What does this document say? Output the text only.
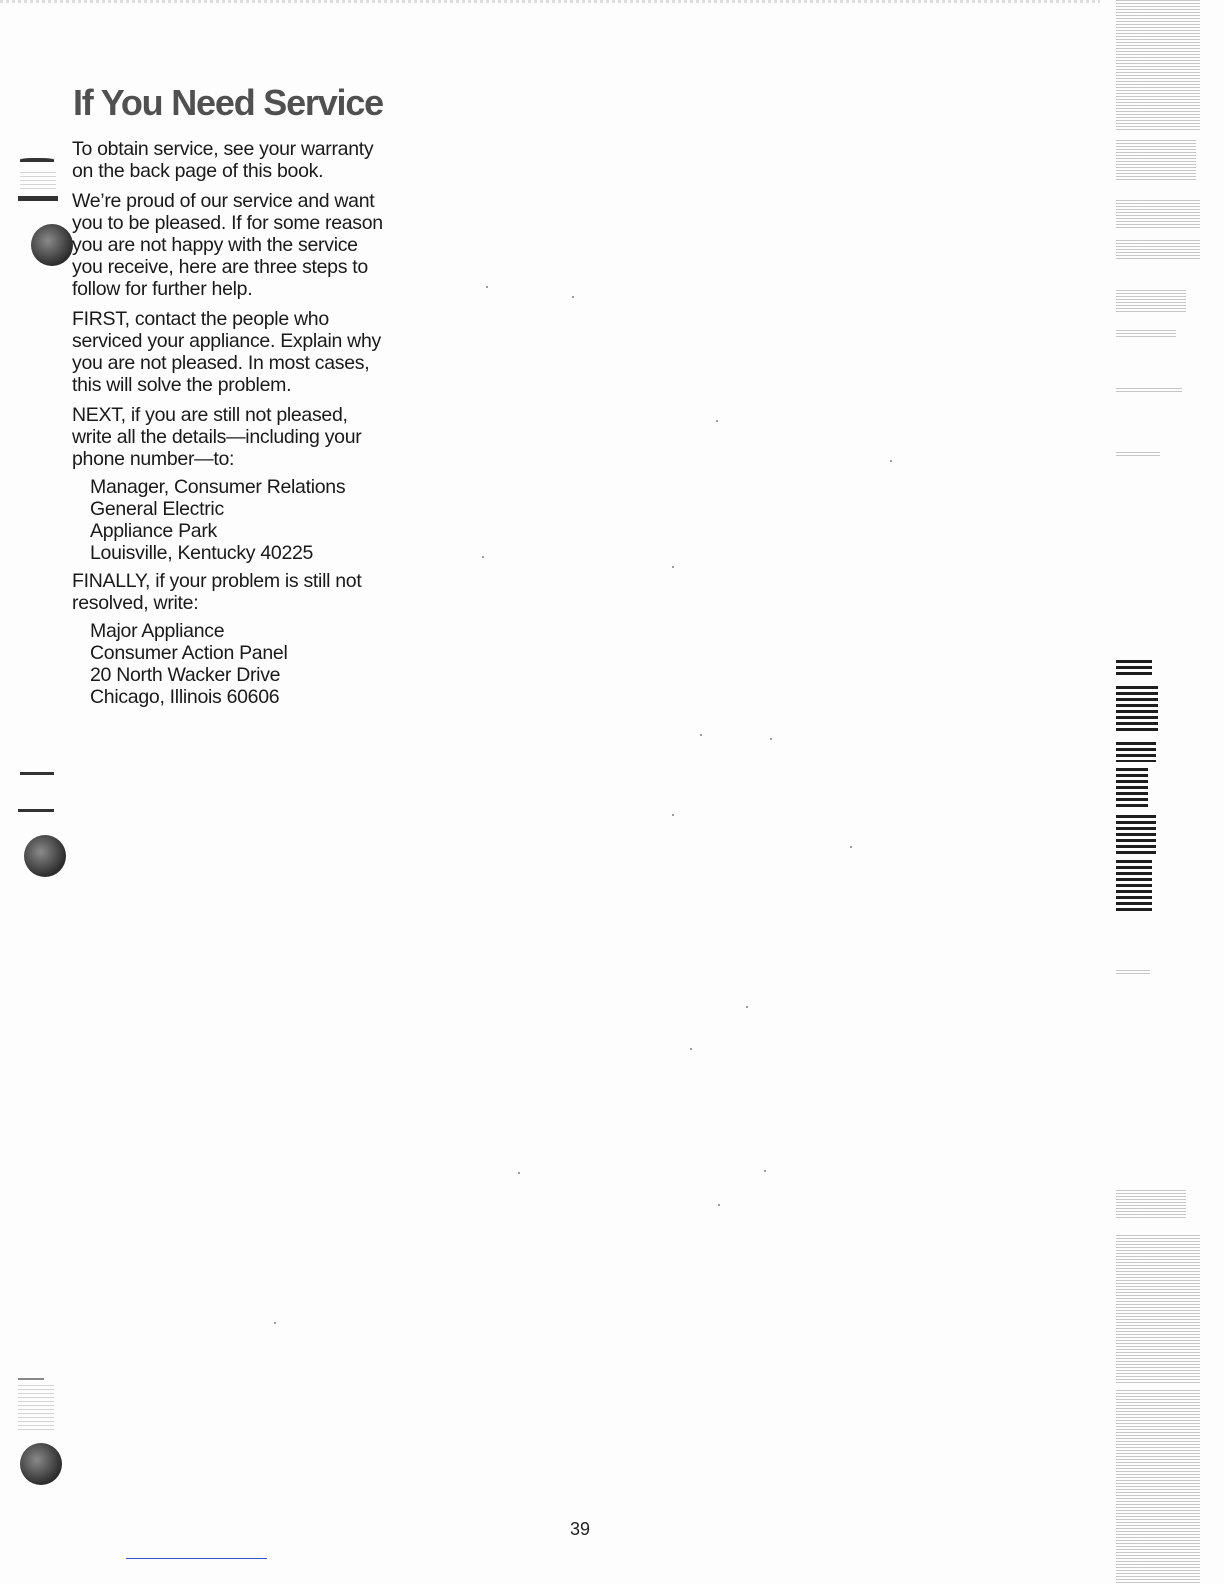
If You Need Service

To obtain service, see your warranty on the back page of this book.

We’re proud of our service and want you to be pleased. If for some reason you are not happy with the service you receive, here are three steps to follow for further help.

FIRST, contact the people who serviced your appliance. Explain why you are not pleased. In most cases, this will solve the problem.

NEXT, if you are still not pleased, write all the details—including your phone number—to:

Manager, Consumer Relations
General Electric
Appliance Park
Louisville, Kentucky 40225

FINALLY, if your problem is still not resolved, write:

Major Appliance
Consumer Action Panel
20 North Wacker Drive
Chicago, Illinois 60606
39
